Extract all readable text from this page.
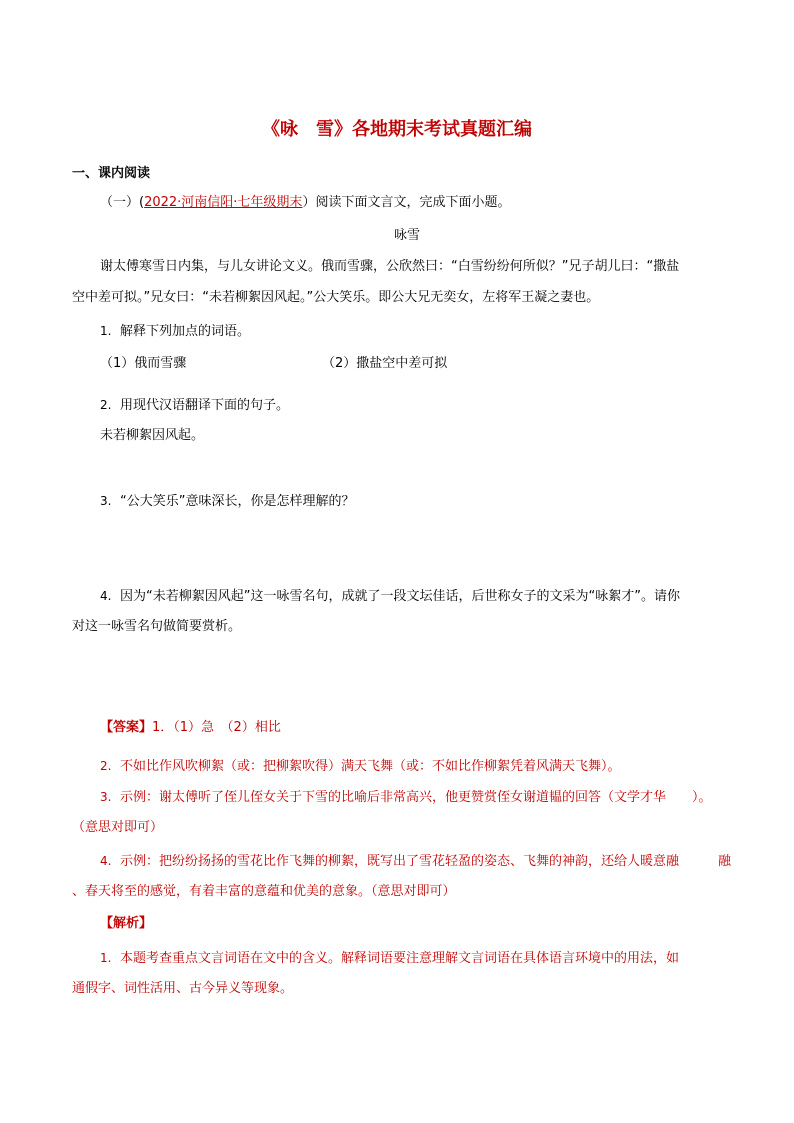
《咏　雪》各地期末考试真题汇编
一、课内阅读
（一）(2022·河南信阳·七年级期末）阅读下面文言文，完成下面小题。
咏雪
谢太傅寒雪日内集，与儿女讲论文义。俄而雪骤，公欣然曰：“白雪纷纷何所似？”兄子胡儿曰：“撒盐
空中差可拟。”兄女曰：“未若柳絮因风起。”公大笑乐。即公大兄无奕女，左将军王凝之妻也。
1. 解释下列加点的词语。
（1）俄而雪骤	（2）撒盐空中差可拟
2. 用现代汉语翻译下面的句子。
未若柳絮因风起。
3. “公大笑乐”意味深长，你是怎样理解的？
4. 因为“未若柳絮因风起”这一咏雪名句，成就了一段文坛佳话，后世称女子的文采为“咏絮才”。请你
对这一咏雪名句做简要赏析。
【答案】1．（1）急　（2）相比
2. 不如比作风吹柳絮（或：把柳絮吹得）满天飞舞（或：不如比作柳絮凭着风满天飞舞）。
3. 示例：谢太傅听了侄儿侄女关于下雪的比喻后非常高兴，他更赞赏侄女谢道韫的回答（文学才华　　）。
（意思对即可）
4. 示例：把纷纷扬扬的雪花比作飞舞的柳絮，既写出了雪花轻盈的姿态、飞舞的神韵，还给人暖意融　　　融
、春天将至的感觉，有着丰富的意蕴和优美的意象。（意思对即可）
【解析】
1. 本题考查重点文言词语在文中的含义。解释词语要注意理解文言词语在具体语言环境中的用法，如
通假字、词性活用、古今异义等现象。
